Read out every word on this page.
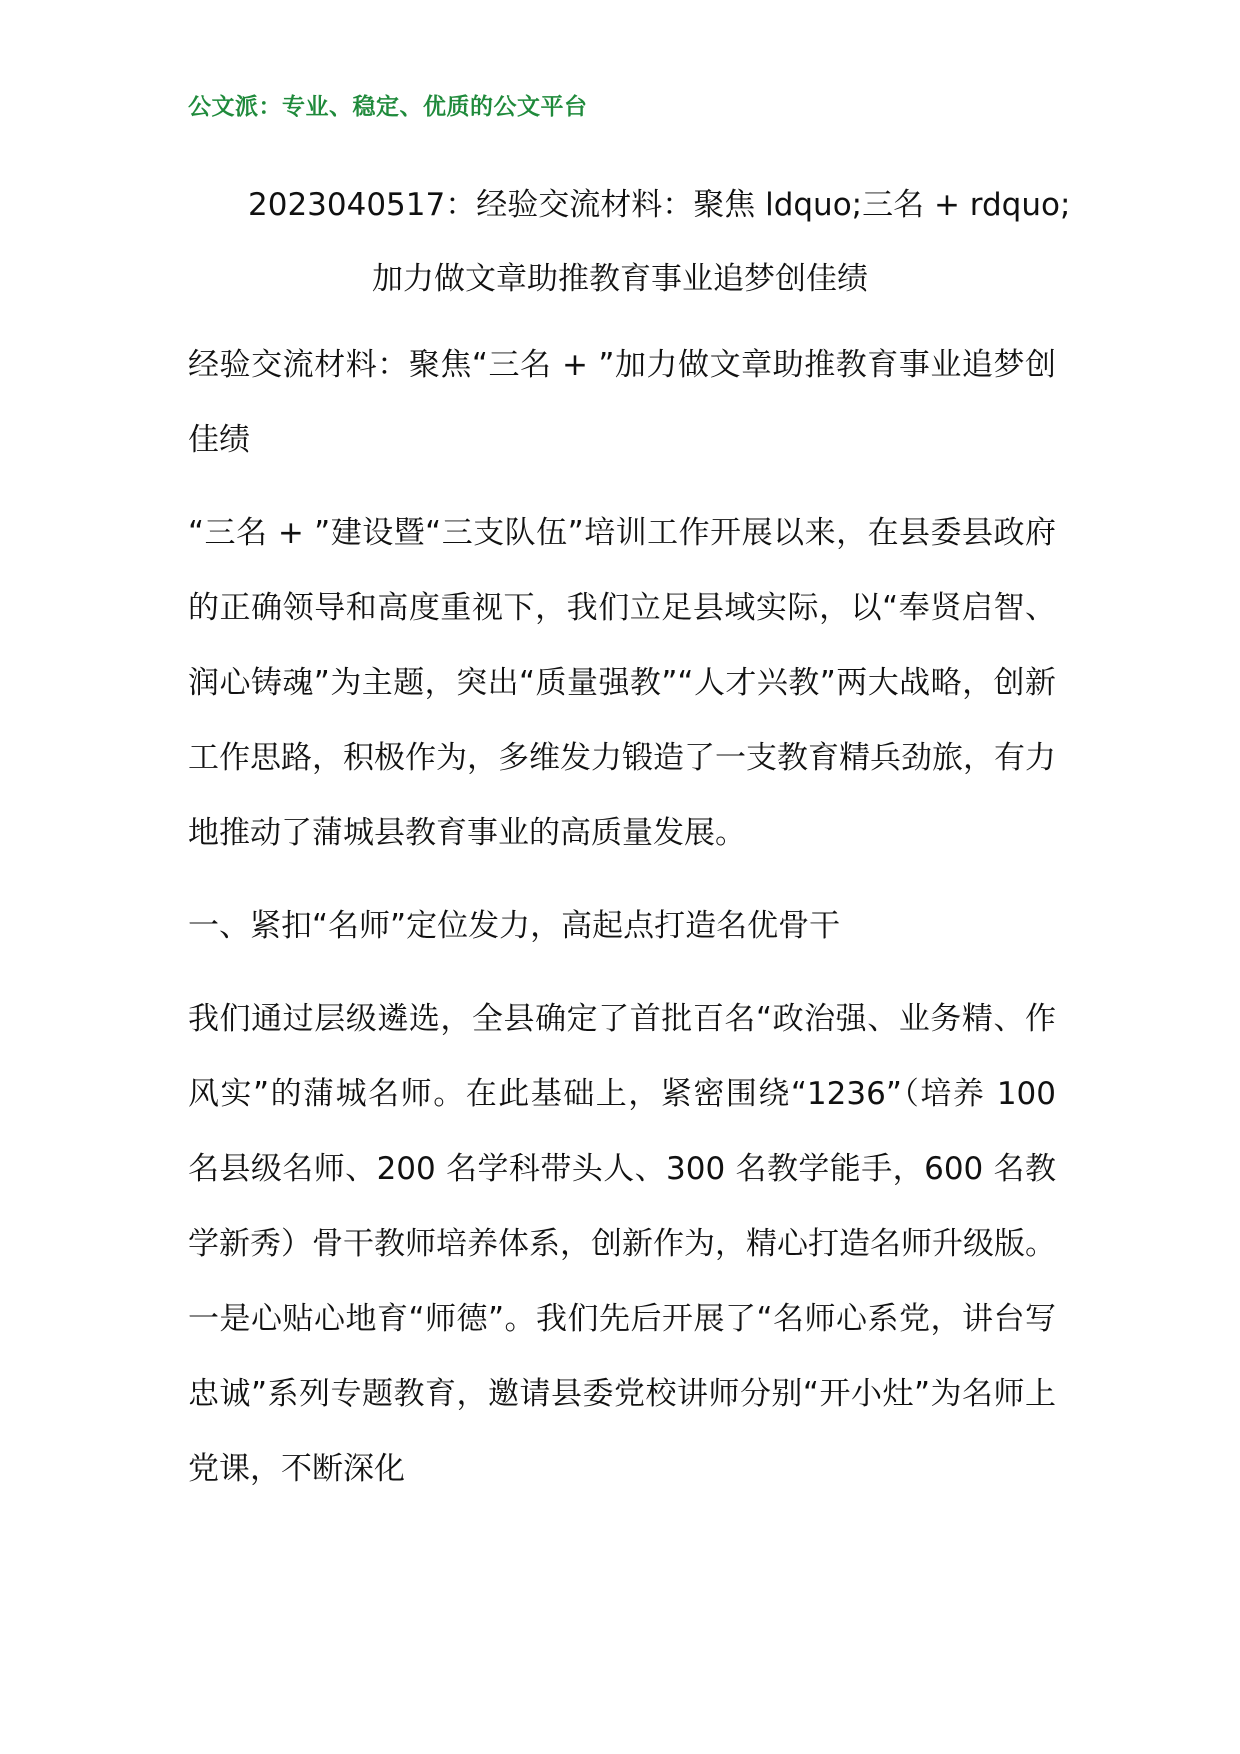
公文派：专业、稳定、优质的公文平台
2023040517：经验交流材料：聚焦 ldquo;三名 + rdquo;
加力做文章助推教育事业追梦创佳绩

经验交流材料：聚焦“三名 + ”加力做文章助推教育事业追梦创佳绩

“三名 + ”建设暨“三支队伍”培训工作开展以来，在县委县政府的正确领导和高度重视下，我们立足县域实际，以“奉贤启智、润心铸魂”为主题，突出“质量强教”“人才兴教”两大战略，创新工作思路，积极作为，多维发力锻造了一支教育精兵劲旅，有力地推动了蒲城县教育事业的高质量发展。

一、紧扣“名师”定位发力，高起点打造名优骨干

我们通过层级遴选，全县确定了首批百名“政治强、业务精、作风实”的蒲城名师。在此基础上，紧密围绕“1236”（培养 100 名县级名师、200 名学科带头人、300 名教学能手，600 名教学新秀）骨干教师培养体系，创新作为，精心打造名师升级版。一是心贴心地育“师德”。我们先后开展了“名师心系党，讲台写忠诚”系列专题教育，邀请县委党校讲师分别“开小灶”为名师上党课，不断深化
